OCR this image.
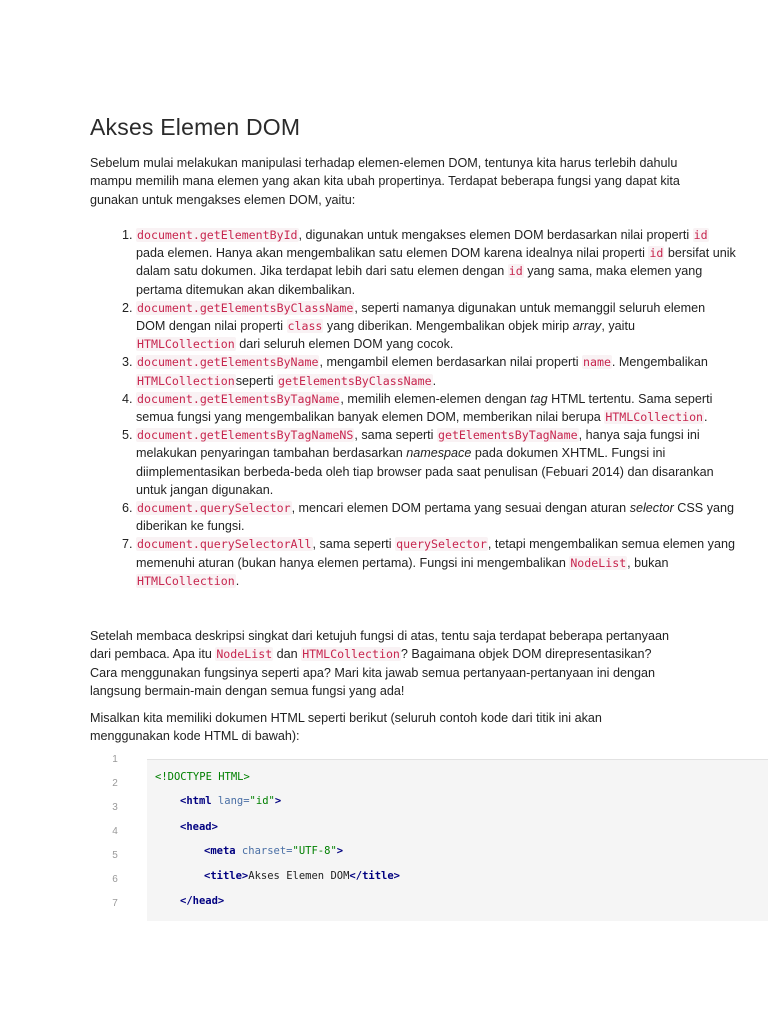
Akses Elemen DOM

Sebelum mulai melakukan manipulasi terhadap elemen-elemen DOM, tentunya kita harus terlebih dahulu mampu memilih mana elemen yang akan kita ubah propertinya. Terdapat beberapa fungsi yang dapat kita gunakan untuk mengakses elemen DOM, yaitu:

1. document.getElementById, digunakan untuk mengakses elemen DOM berdasarkan nilai properti id pada elemen. Hanya akan mengembalikan satu elemen DOM karena idealnya nilai properti id bersifat unik dalam satu dokumen. Jika terdapat lebih dari satu elemen dengan id yang sama, maka elemen yang pertama ditemukan akan dikembalikan.
2. document.getElementsByClassName, seperti namanya digunakan untuk memanggil seluruh elemen DOM dengan nilai properti class yang diberikan. Mengembalikan objek mirip array, yaitu HTMLCollection dari seluruh elemen DOM yang cocok.
3. document.getElementsByName, mengambil elemen berdasarkan nilai properti name. Mengembalikan HTMLCollectionseperti getElementsByClassName.
4. document.getElementsByTagName, memilih elemen-elemen dengan tag HTML tertentu. Sama seperti semua fungsi yang mengembalikan banyak elemen DOM, memberikan nilai berupa HTMLCollection.
5. document.getElementsByTagNameNS, sama seperti getElementsByTagName, hanya saja fungsi ini melakukan penyaringan tambahan berdasarkan namespace pada dokumen XHTML. Fungsi ini diimplementasikan berbeda-beda oleh tiap browser pada saat penulisan (Febuari 2014) dan disarankan untuk jangan digunakan.
6. document.querySelector, mencari elemen DOM pertama yang sesuai dengan aturan selector CSS yang diberikan ke fungsi.
7. document.querySelectorAll, sama seperti querySelector, tetapi mengembalikan semua elemen yang memenuhi aturan (bukan hanya elemen pertama). Fungsi ini mengembalikan NodeList, bukan HTMLCollection.

Setelah membaca deskripsi singkat dari ketujuh fungsi di atas, tentu saja terdapat beberapa pertanyaan dari pembaca. Apa itu NodeList dan HTMLCollection? Bagaimana objek DOM direpresentasikan? Cara menggunakan fungsinya seperti apa? Mari kita jawab semua pertanyaan-pertanyaan ini dengan langsung bermain-main dengan semua fungsi yang ada!

Misalkan kita memiliki dokumen HTML seperti berikut (seluruh contoh kode dari titik ini akan menggunakan kode HTML di bawah):

1
2
3
4
5
6
7
<!DOCTYPE HTML>
<html lang="id">
<head>
<meta charset="UTF-8">
<title>Akses Elemen DOM</title>
</head>
